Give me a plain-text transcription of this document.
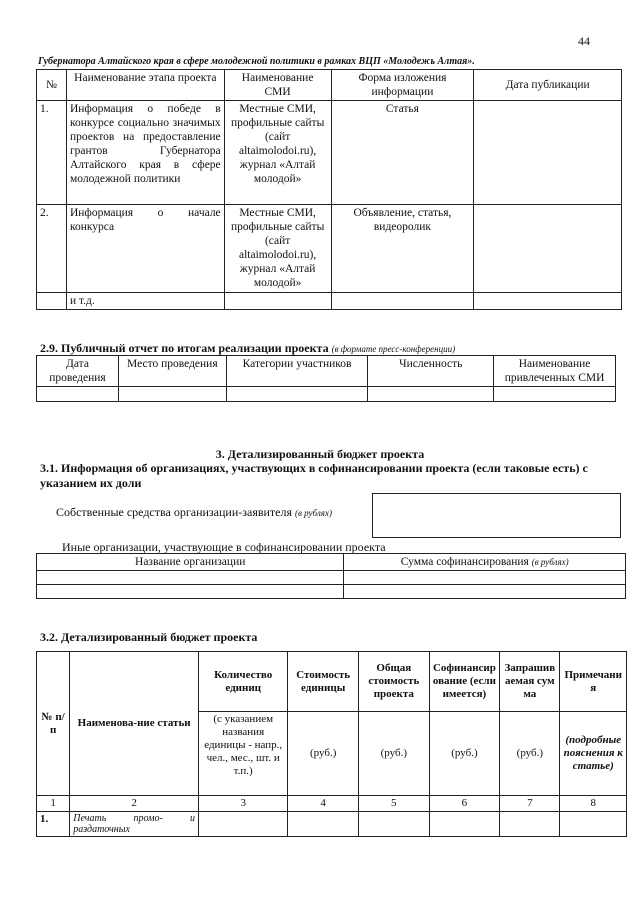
44
Губернатора Алтайского края в сфере молодежной политики в рамках ВЦП «Молодежь Алтая».
№	Наименование этапа проекта	Наименование СМИ	Форма изложения информации	Дата публикации
1.	Информация о победе в конкурсе социально значимых проектов на предоставление грантов Губернатора Алтайского края в сфере молодежной политики	Местные СМИ, профильные сайты (сайт altaimolodoi.ru), журнал «Алтай молодой»	Статья	
2.	Информация о начале конкурса	Местные СМИ, профильные сайты (сайт altaimolodoi.ru), журнал «Алтай молодой»	Объявление, статья, видеоролик	
	и т.д.			
2.9. Публичный отчет по итогам реализации проекта (в формате пресс-конференции)
Дата проведения	Место проведения	Категории участников	Численность	Наименование привлеченных СМИ

3. Детализированный бюджет проекта
3.1. Информация об организациях, участвующих в софинансировании проекта (если таковые есть) с указанием их доли
Собственные средства организации-заявителя (в рублях)
Иные организации, участвующие в софинансировании проекта
Название организации	Сумма софинансирования (в рублях)

3.2. Детализированный бюджет проекта
№ п/п	Наименова-ние статьи	Количество единиц	Стоимость единицы	Общая стоимость проекта	Софинансирование (если имеется)	Запрашиваемая сумма	Примечания
		(с указанием названия единицы - напр., чел., мес., шт. и т.п.)	(руб.)	(руб.)	(руб.)	(руб.)	(подробные пояснения к статье)
1	2	3	4	5	6	7	8
1.	Печать промо- и раздаточных						
